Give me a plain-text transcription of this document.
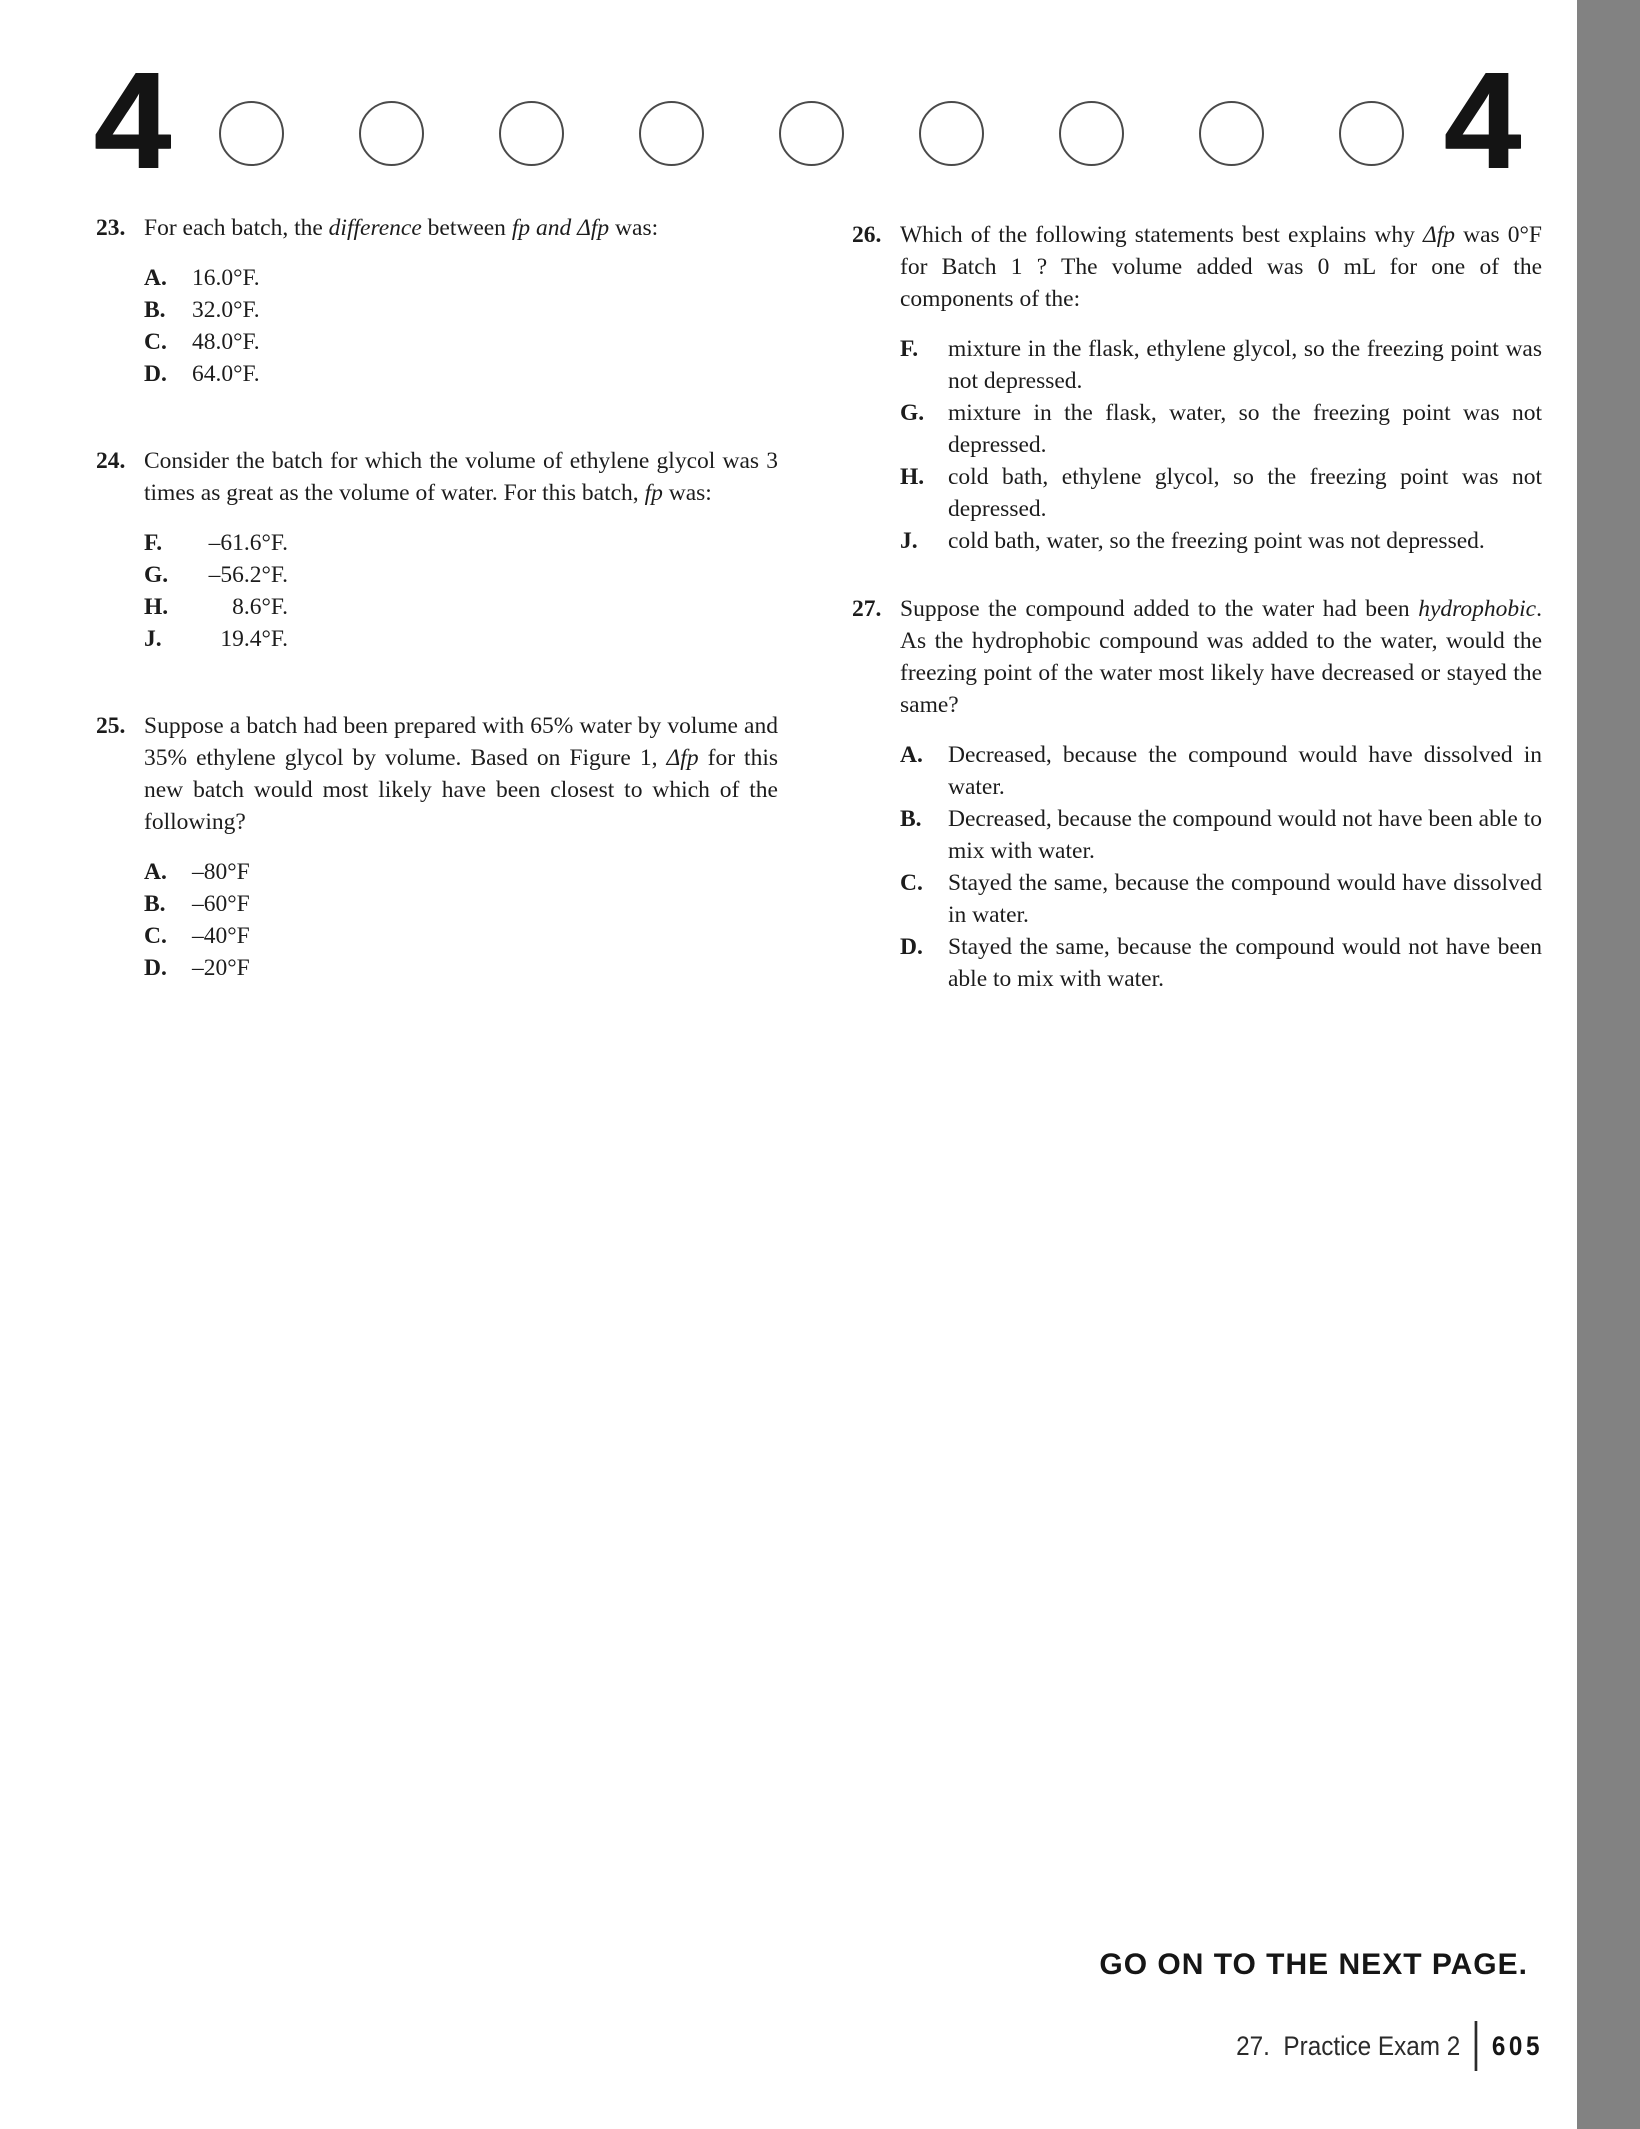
4	4
23. For each batch, the difference between fp and Δfp was:

A.	16.0°F.
B.	32.0°F.
C.	48.0°F.
D.	64.0°F.
24. Consider the batch for which the volume of ethylene glycol was 3 times as great as the volume of water. For this batch, fp was:

F.	–61.6°F.
G.	–56.2°F.
H.	8.6°F.
J.	19.4°F.
25. Suppose a batch had been prepared with 65% water by volume and 35% ethylene glycol by volume. Based on Figure 1, Δfp for this new batch would most likely have been closest to which of the following?

A.	–80°F
B.	–60°F
C.	–40°F
D.	–20°F
26. Which of the following statements best explains why Δfp was 0°F for Batch 1 ? The volume added was 0 mL for one of the components of the:

F.	mixture in the flask, ethylene glycol, so the freezing point was not depressed.
G.	mixture in the flask, water, so the freezing point was not depressed.
H.	cold bath, ethylene glycol, so the freezing point was not depressed.
J.	cold bath, water, so the freezing point was not depressed.
27. Suppose the compound added to the water had been hydrophobic. As the hydrophobic compound was added to the water, would the freezing point of the water most likely have decreased or stayed the same?

A.	Decreased, because the compound would have dissolved in water.
B.	Decreased, because the compound would not have been able to mix with water.
C.	Stayed the same, because the compound would have dissolved in water.
D.	Stayed the same, because the compound would not have been able to mix with water.
GO ON TO THE NEXT PAGE.
27.  Practice Exam 2 605
